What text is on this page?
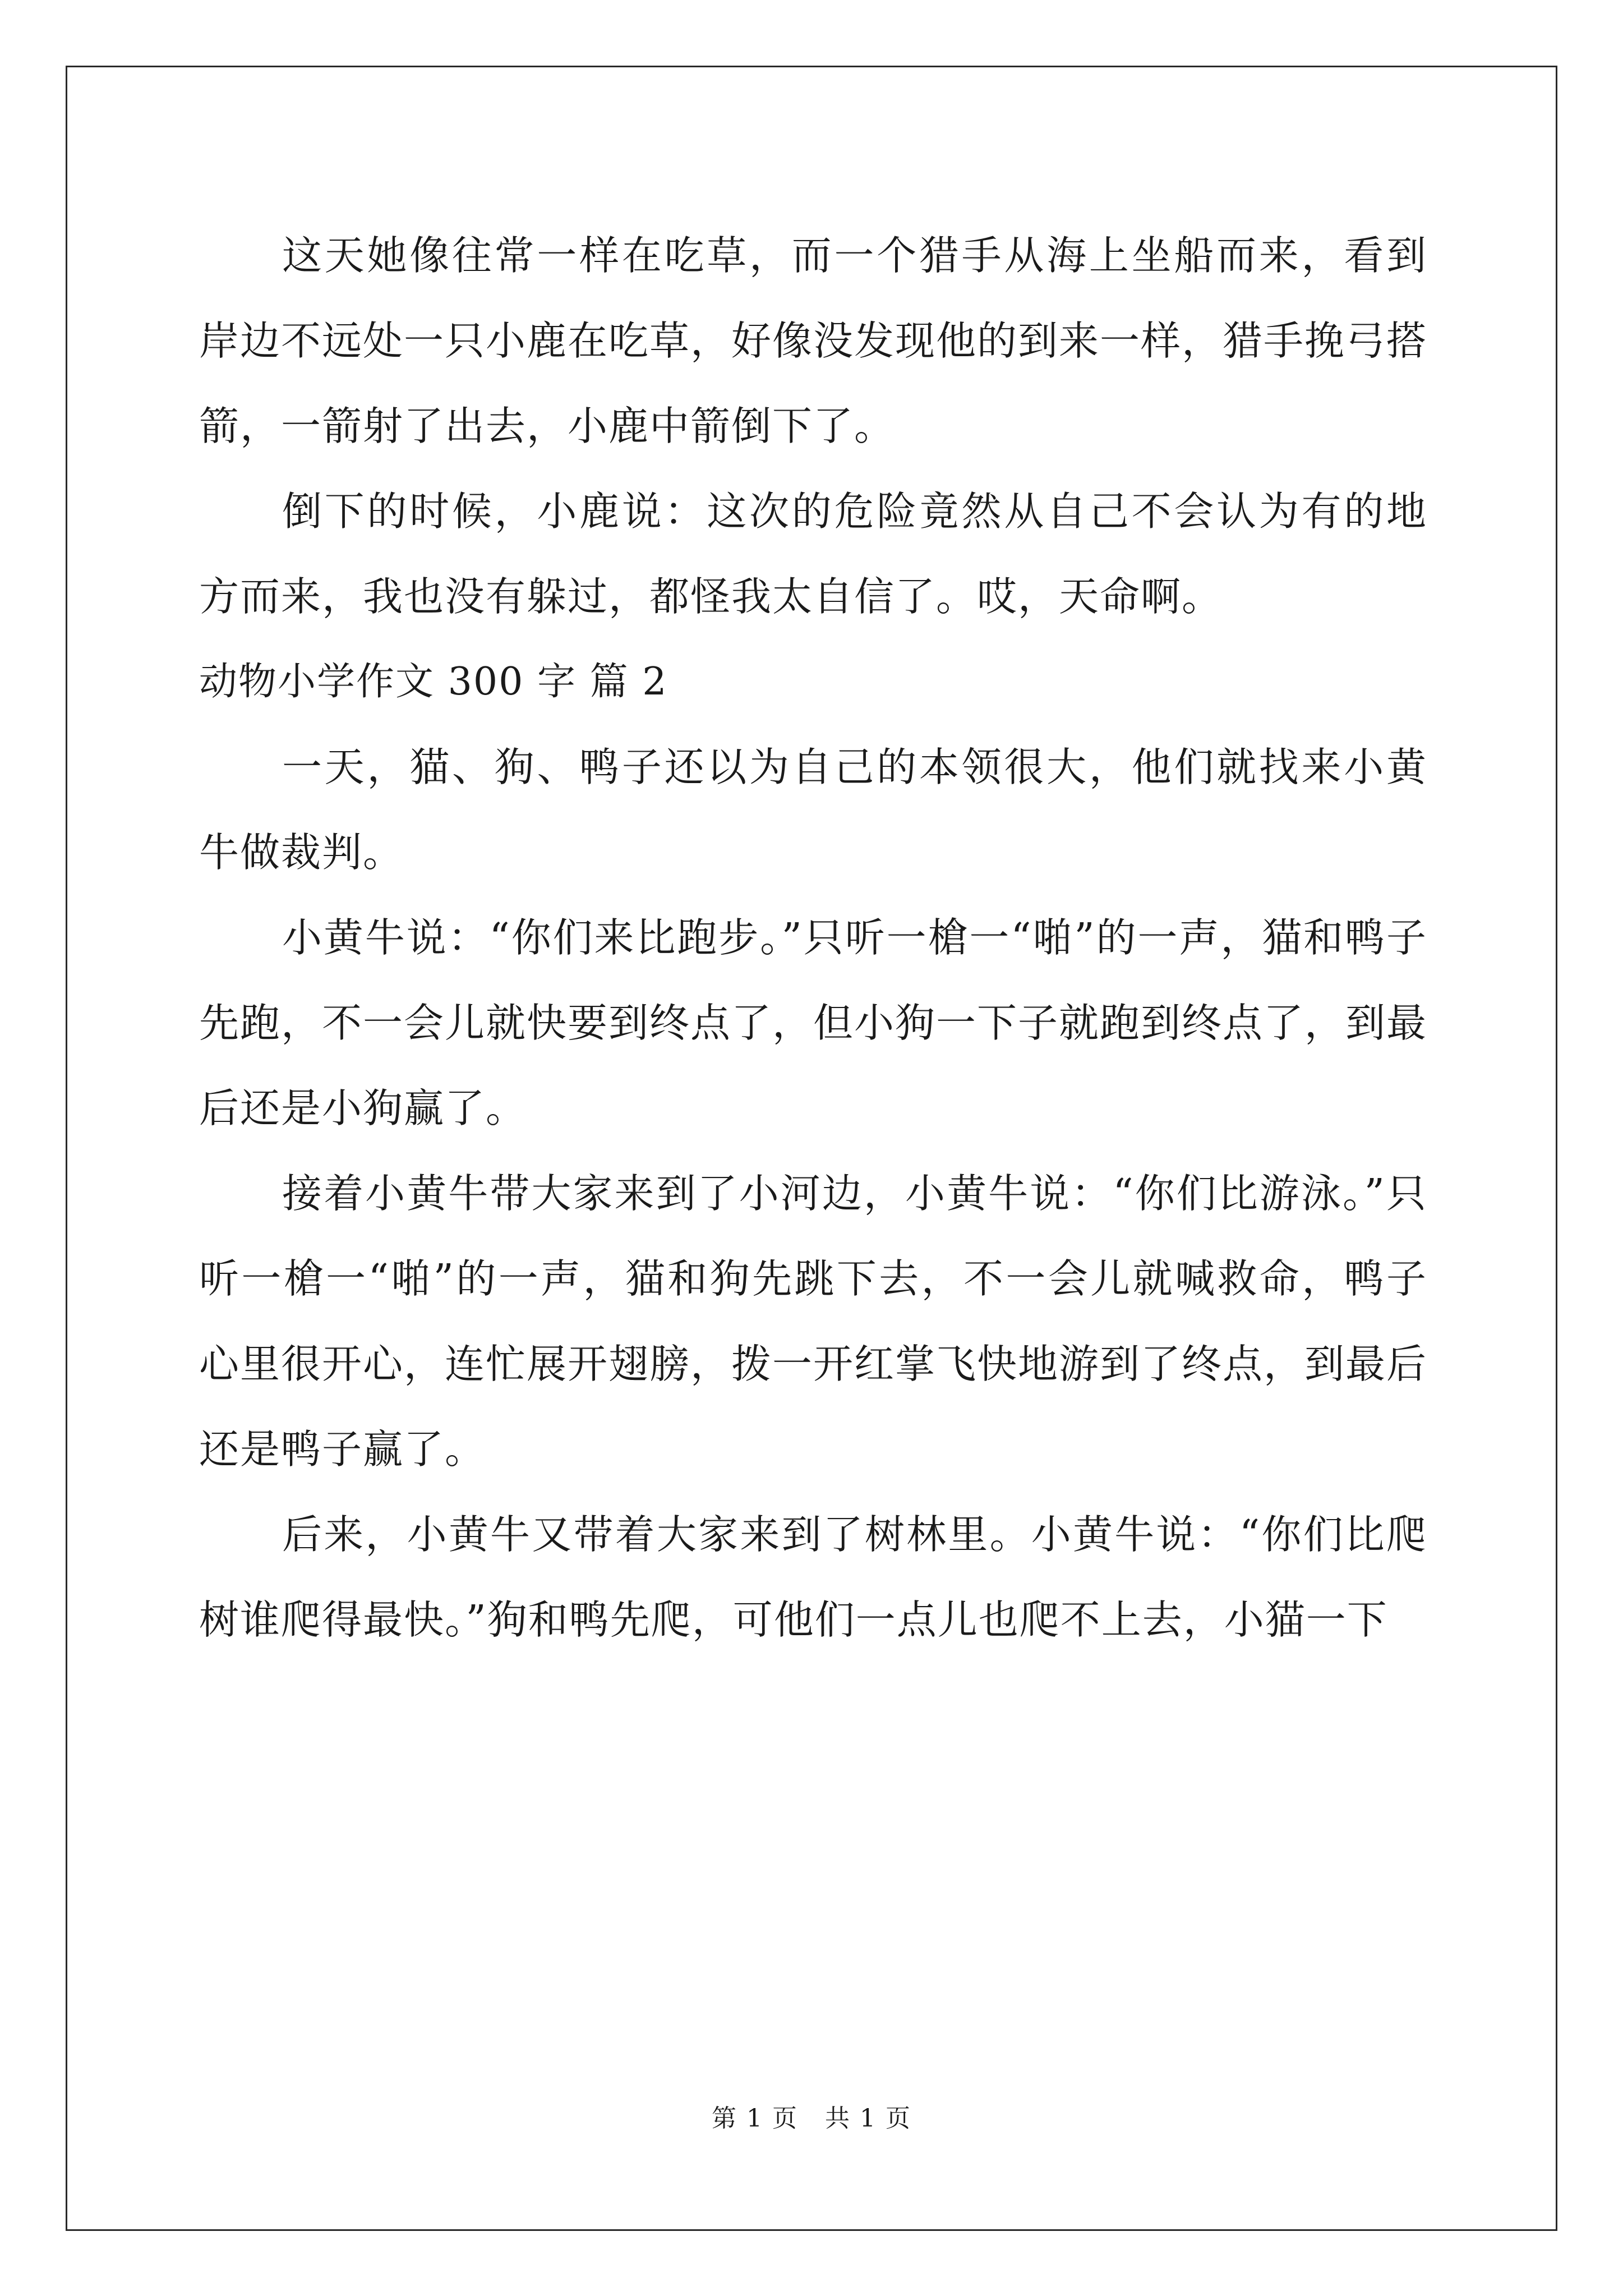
这天她像往常一样在吃草，而一个猎手从海上坐船而来，看到岸边不远处一只小鹿在吃草，好像没发现他的到来一样，猎手挽弓搭箭，一箭射了出去，小鹿中箭倒下了。

倒下的时候，小鹿说：这次的危险竟然从自己不会认为有的地方而来，我也没有躲过，都怪我太自信了。哎，天命啊。

动物小学作文 300 字 篇 2

一天，猫、狗、鸭子还以为自己的本领很大，他们就找来小黄牛做裁判。

小黄牛说：“你们来比跑步。”只听一槍一“啪”的一声，猫和鸭子先跑，不一会儿就快要到终点了，但小狗一下子就跑到终点了，到最后还是小狗赢了。

接着小黄牛带大家来到了小河边，小黄牛说：“你们比游泳。”只听一槍一“啪”的一声，猫和狗先跳下去，不一会儿就喊救命，鸭子心里很开心，连忙展开翅膀，拨一开红掌飞快地游到了终点，到最后还是鸭子赢了。

后来，小黄牛又带着大家来到了树林里。小黄牛说：“你们比爬树谁爬得最快。”狗和鸭先爬，可他们一点儿也爬不上去，小猫一下

第 1 页 共 1 页
